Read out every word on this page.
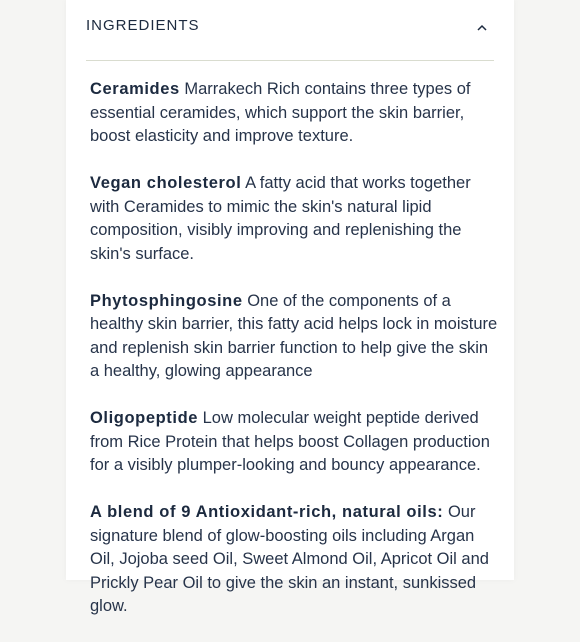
INGREDIENTS

Ceramides Marrakech Rich contains three types of essential ceramides, which support the skin barrier, boost elasticity and improve texture.

Vegan cholesterol A fatty acid that works together with Ceramides to mimic the skin's natural lipid composition, visibly improving and replenishing the skin's surface.

Phytosphingosine One of the components of a healthy skin barrier, this fatty acid helps lock in moisture and replenish skin barrier function to help give the skin a healthy, glowing appearance

Oligopeptide Low molecular weight peptide derived from Rice Protein that helps boost Collagen production for a visibly plumper-looking and bouncy appearance.

A blend of 9 Antioxidant-rich, natural oils: Our signature blend of glow-boosting oils including Argan Oil, Jojoba seed Oil, Sweet Almond Oil, Apricot Oil and Prickly Pear Oil to give the skin an instant, sunkissed glow.
